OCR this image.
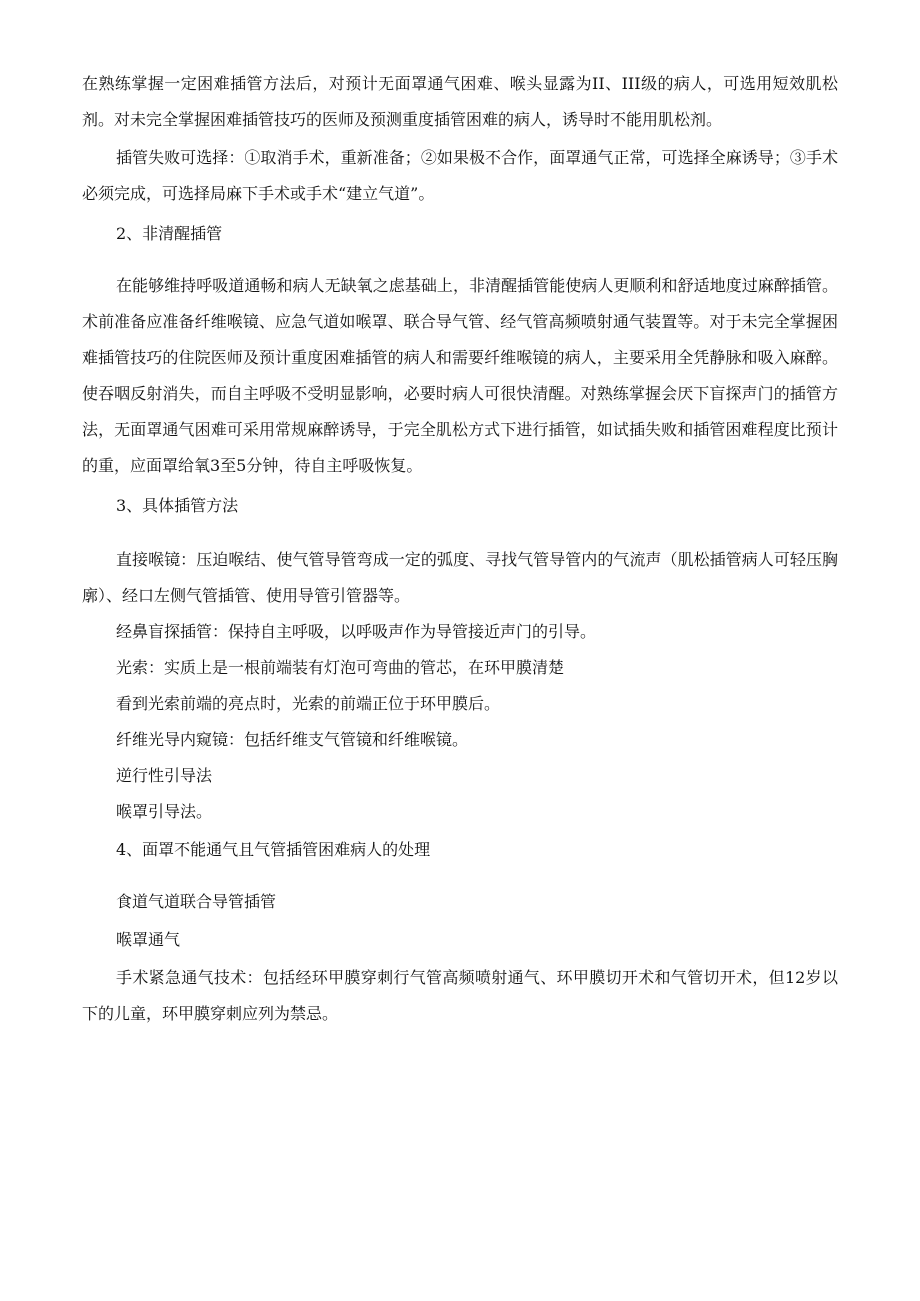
在熟练掌握一定困难插管方法后，对预计无面罩通气困难、喉头显露为II、III级的病人，可选用短效肌松剂。对未完全掌握困难插管技巧的医师及预测重度插管困难的病人，诱导时不能用肌松剂。

插管失败可选择：①取消手术，重新准备；②如果极不合作，面罩通气正常，可选择全麻诱导；③手术必须完成，可选择局麻下手术或手术“建立气道”。

2、非清醒插管

在能够维持呼吸道通畅和病人无缺氧之虑基础上，非清醒插管能使病人更顺利和舒适地度过麻醉插管。术前准备应准备纤维喉镜、应急气道如喉罩、联合导气管、经气管高频喷射通气装置等。对于未完全掌握困难插管技巧的住院医师及预计重度困难插管的病人和需要纤维喉镜的病人，主要采用全凭静脉和吸入麻醉。使吞咽反射消失，而自主呼吸不受明显影响，必要时病人可很快清醒。对熟练掌握会厌下盲探声门的插管方法，无面罩通气困难可采用常规麻醉诱导，于完全肌松方式下进行插管，如试插失败和插管困难程度比预计的重，应面罩给氧3至5分钟，待自主呼吸恢复。

3、具体插管方法

直接喉镜：压迫喉结、使气管导管弯成一定的弧度、寻找气管导管内的气流声（肌松插管病人可轻压胸廓）、经口左侧气管插管、使用导管引管器等。

经鼻盲探插管：保持自主呼吸，以呼吸声作为导管接近声门的引导。

光索：实质上是一根前端装有灯泡可弯曲的管芯，在环甲膜清楚

看到光索前端的亮点时，光索的前端正位于环甲膜后。

纤维光导内窥镜：包括纤维支气管镜和纤维喉镜。

逆行性引导法

喉罩引导法。

4、面罩不能通气且气管插管困难病人的处理

食道气道联合导管插管

喉罩通气

手术紧急通气技术：包括经环甲膜穿刺行气管高频喷射通气、环甲膜切开术和气管切开术，但12岁以下的儿童，环甲膜穿刺应列为禁忌。
